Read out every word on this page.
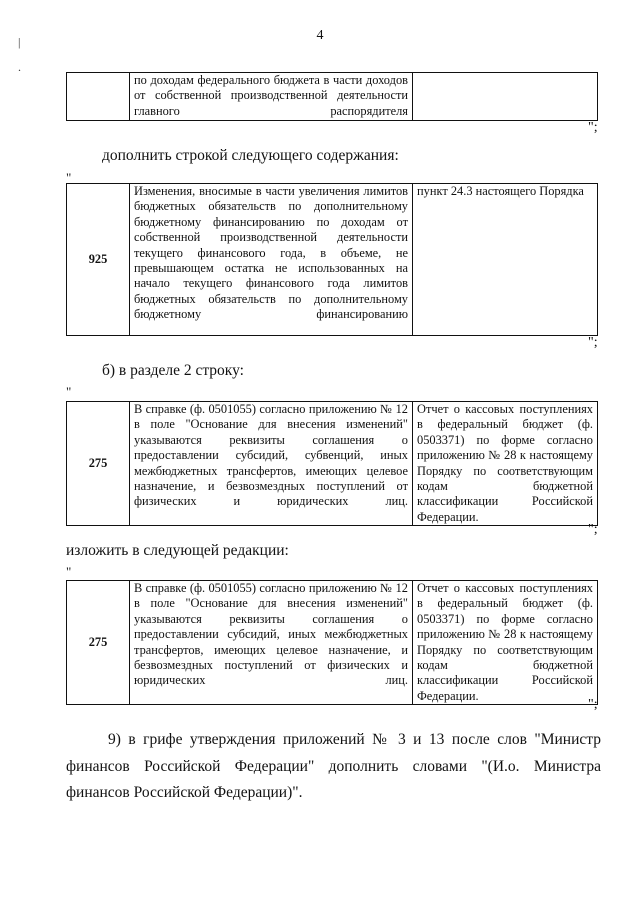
4
|
.
	по доходам федерального бюджета в части доходов от собственной производственной деятельности главного распорядителя	
";
дополнить строкой следующего содержания:
"
925	Изменения, вносимые в части увеличения лимитов бюджетных обязательств по дополнительному бюджетному финансированию по доходам от собственной производственной деятельности текущего финансового года, в объеме, не превышающем остатка не использованных на начало текущего финансового года лимитов бюджетных обязательств по дополнительному бюджетному финансированию	пункт 24.3 настоящего Порядка
";
б) в разделе 2 строку:
"
275	В справке (ф. 0501055) согласно приложению № 12 в поле "Основание для внесения изменений" указываются реквизиты соглашения о предоставлении субсидий, субвенций, иных межбюджетных трансфертов, имеющих целевое назначение, и безвозмездных поступлений от физических и юридических лиц.	Отчет о кассовых поступлениях в федеральный бюджет (ф. 0503371) по форме согласно приложению № 28 к настоящему Порядку по соответствующим кодам бюджетной классификации Российской Федерации.
";
изложить в следующей редакции:
"
275	В справке (ф. 0501055) согласно приложению № 12 в поле "Основание для внесения изменений" указываются реквизиты соглашения о предоставлении субсидий, иных межбюджетных трансфертов, имеющих целевое назначение, и безвозмездных поступлений от физических и юридических лиц.	Отчет о кассовых поступлениях в федеральный бюджет (ф. 0503371) по форме согласно приложению № 28 к настоящему Порядку по соответствующим кодам бюджетной классификации Российской Федерации.
";
9) в грифе утверждения приложений № 3 и 13 после слов "Министр финансов Российской Федерации" дополнить словами "(И.о. Министра финансов Российской Федерации)".
